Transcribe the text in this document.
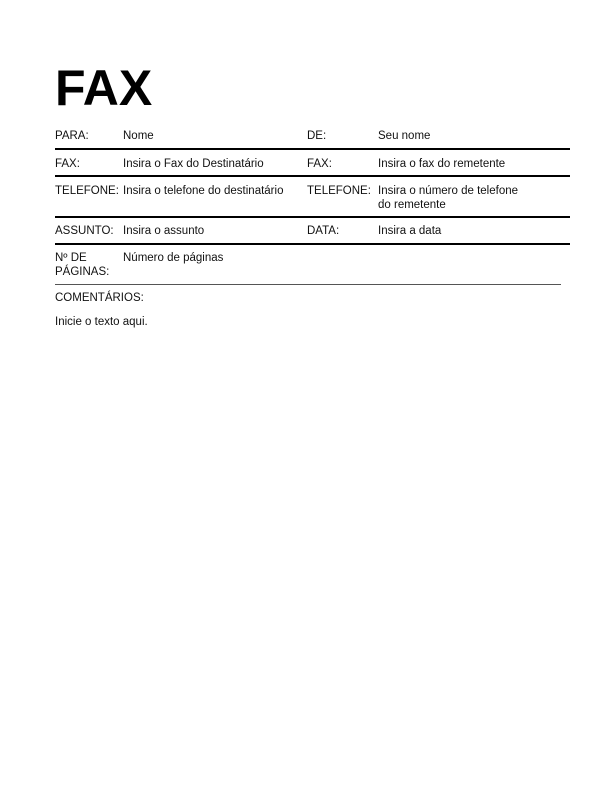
FAX
PARA:	Nome	DE:	Seu nome
FAX:	Insira o Fax do Destinatário	FAX:	Insira o fax do remetente
TELEFONE: Insira o telefone do destinatário	TELEFONE: Insira o número de telefone
do remetente
ASSUNTO: Insira o assunto	DATA:	Insira a data
Nº DE
PÁGINAS:
Número de páginas
COMENTÁRIOS:
Inicie o texto aqui.
